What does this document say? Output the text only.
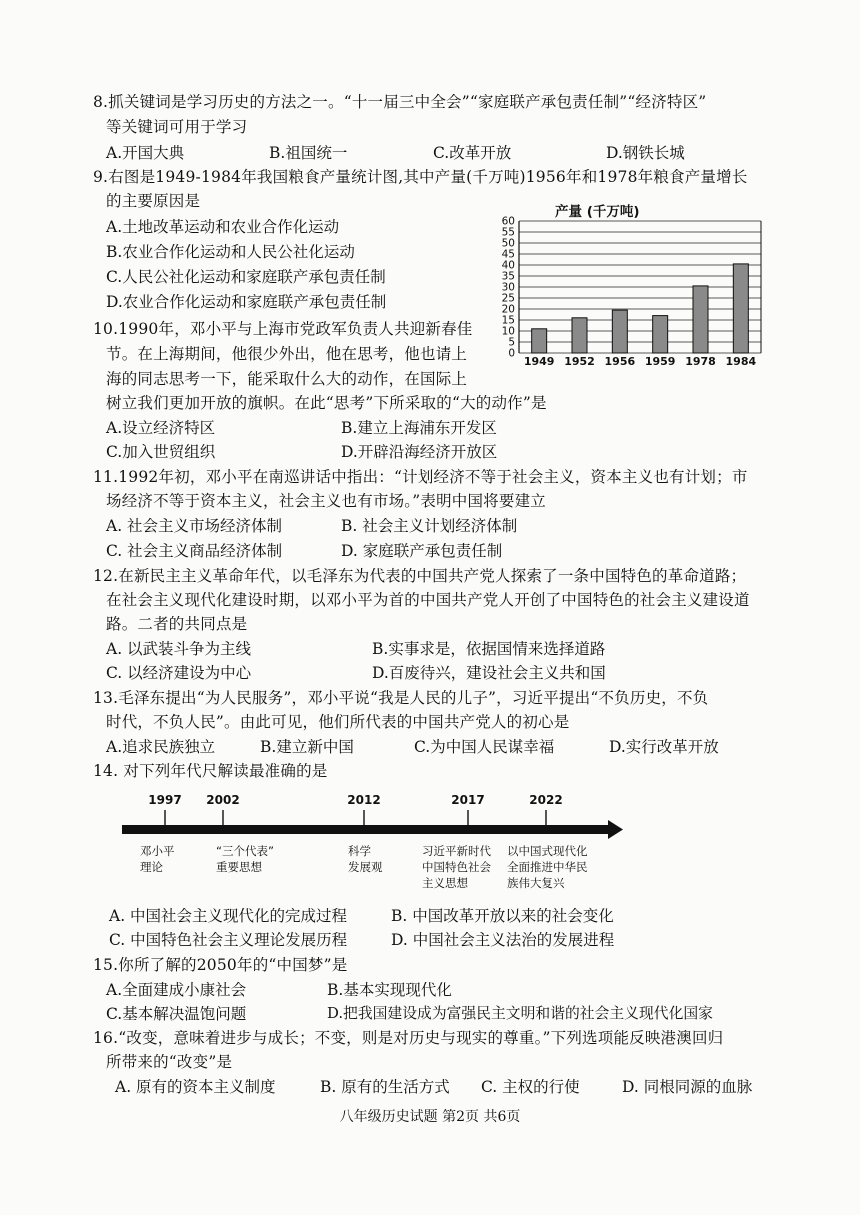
8.抓关键词是学习历史的方法之一。“十一届三中全会”“家庭联产承包责任制”“经济特区”
等关键词可用于学习
A.开国大典	B.祖国统一	C.改革开放	D.钢铁长城
9.右图是1949-1984年我国粮食产量统计图,其中产量(千万吨)1956年和1978年粮食产量增长
的主要原因是
A.土地改革运动和农业合作化运动
B.农业合作化运动和人民公社化运动
C.人民公社化运动和家庭联产承包责任制
D.农业合作化运动和家庭联产承包责任制
产量 (千万吨)
0
5
10
15
20
25
30
35
40
45
50
55
60
1949 1952 1956 1959 1978 1984
10.1990年，邓小平与上海市党政军负责人共迎新春佳
节。在上海期间，他很少外出，他在思考，他也请上
海的同志思考一下，能采取什么大的动作，在国际上
树立我们更加开放的旗帜。在此“思考”下所采取的“大的动作”是
A.设立经济特区	B.建立上海浦东开发区
C.加入世贸组织	D.开辟沿海经济开放区
11.1992年初，邓小平在南巡讲话中指出：“计划经济不等于社会主义，资本主义也有计划；市
场经济不等于资本主义，社会主义也有市场。”表明中国将要建立
A. 社会主义市场经济体制	B. 社会主义计划经济体制
C. 社会主义商品经济体制	D. 家庭联产承包责任制
12.在新民主主义革命年代，以毛泽东为代表的中国共产党人探索了一条中国特色的革命道路；
在社会主义现代化建设时期，以邓小平为首的中国共产党人开创了中国特色的社会主义建设道
路。二者的共同点是
A. 以武装斗争为主线	B.实事求是，依据国情来选择道路
C. 以经济建设为中心	D.百废待兴，建设社会主义共和国
13.毛泽东提出“为人民服务”，邓小平说“我是人民的儿子”，习近平提出“不负历史，不负
时代，不负人民”。由此可见，他们所代表的中国共产党人的初心是
A.追求民族独立	B.建立新中国	C.为中国人民谋幸福	D.实行改革开放
14. 对下列年代尺解读最准确的是
1997 2002	2012	2017	2022
邓小平
理论
“三个代表”
重要思想
科学
发展观
习近平新时代
中国特色社会
主义思想
以中国式现代化
全面推进中华民
族伟大复兴
A. 中国社会主义现代化的完成过程	B. 中国改革开放以来的社会变化
C. 中国特色社会主义理论发展历程	D. 中国社会主义法治的发展进程
15.你所了解的2050年的“中国梦”是
A.全面建成小康社会	B.基本实现现代化
C.基本解决温饱问题	D.把我国建设成为富强民主文明和谐的社会主义现代化国家
16.“改变，意味着进步与成长；不变，则是对历史与现实的尊重。”下列选项能反映港澳回归
所带来的“改变”是
A. 原有的资本主义制度	B. 原有的生活方式 C. 主权的行使	D. 同根同源的血脉
八年级历史试题 第2页 共6页
